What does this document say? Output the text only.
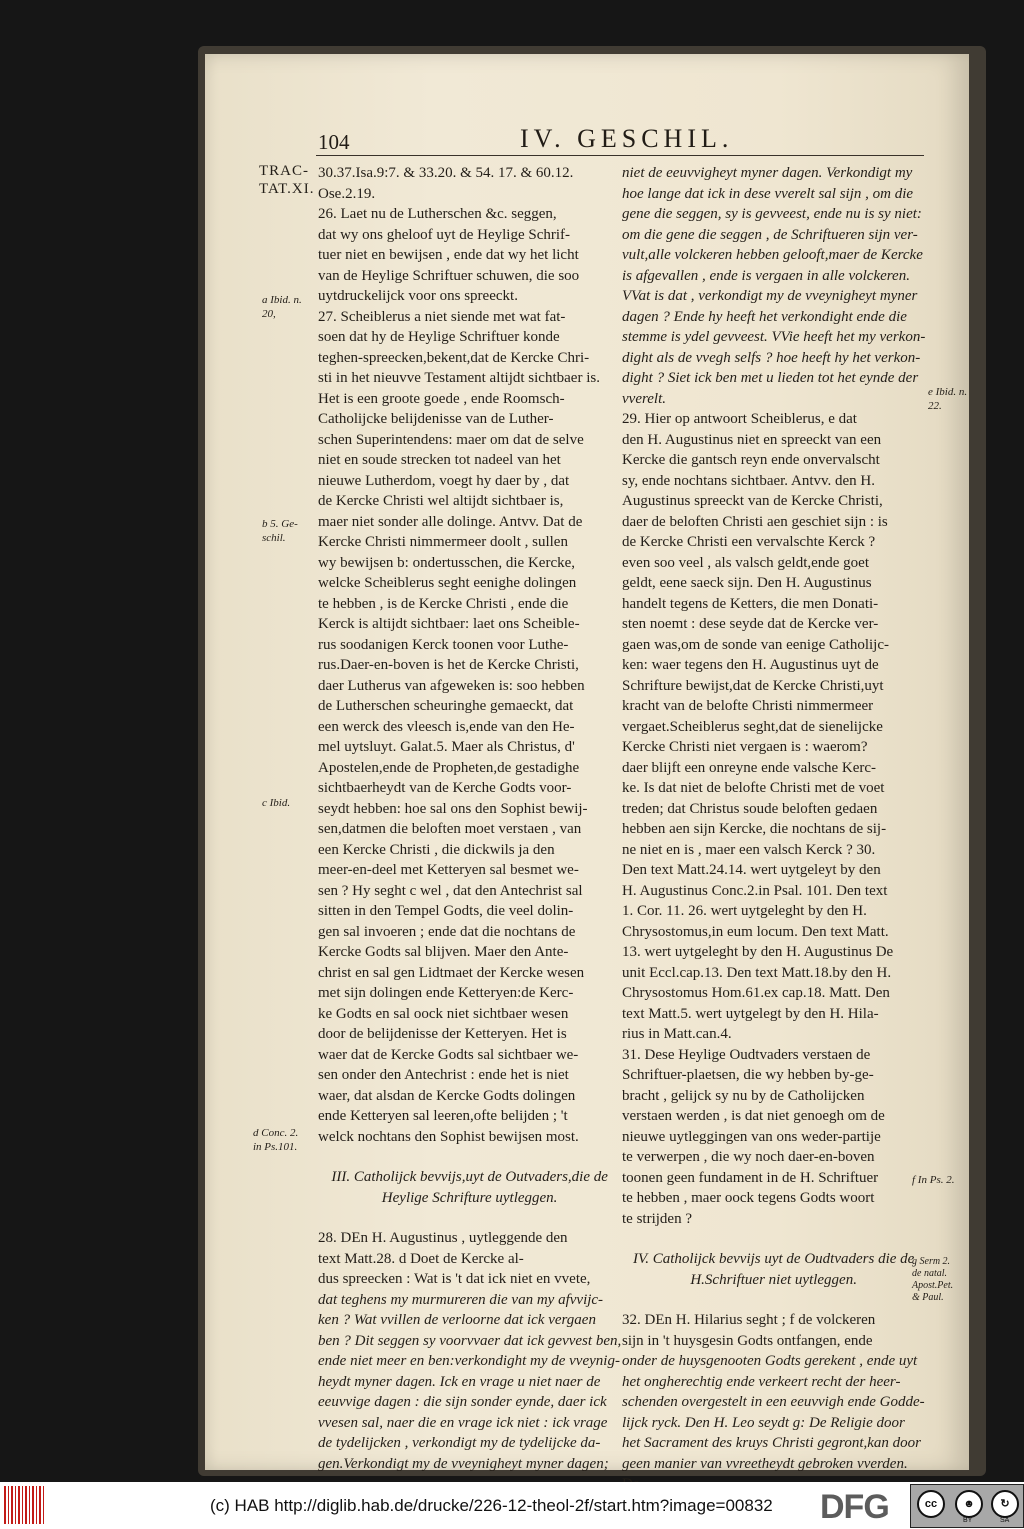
104	IV. GESCHIL.
TRAC-
TAT.XI.

30.37.Isa.9:7. & 33.20. & 54. 17. & 60.12.

Ose.2.19.

26. Laet nu de Lutherschen &c. seggen,

dat wy ons gheloof uyt de Heylige Schrif-

tuer niet en bewijsen , ende dat wy het licht

van de Heylige Schriftuer schuwen, die soo

uytdruckelijck voor ons spreeckt.

27. Scheiblerus a niet siende met wat fat-

soen dat hy de Heylige Schriftuer konde

teghen-spreecken,bekent,dat de Kercke Chri-

sti in het nieuvve Testament altijdt sichtbaer is.

Het is een groote goede , ende Roomsch-

Catholijcke belijdenisse van de Luther-

schen Superintendens: maer om dat de selve

niet en soude strecken tot nadeel van het

nieuwe Lutherdom, voegt hy daer by , dat

de Kercke Christi wel altijdt sichtbaer is,

maer niet sonder alle dolinge. Antvv. Dat de

Kercke Christi nimmermeer doolt , sullen

wy bewijsen b: ondertusschen, die Kercke,

welcke Scheiblerus seght eenighe dolingen

te hebben , is de Kercke Christi , ende die

Kerck is altijdt sichtbaer: laet ons Scheible-

rus soodanigen Kerck toonen voor Luthe-

rus.Daer-en-boven is het de Kercke Christi,

daer Lutherus van afgeweken is: soo hebben

de Lutherschen scheuringhe gemaeckt, dat

een werck des vleesch is,ende van den He-

mel uytsluyt. Galat.5. Maer als Christus, d'

Apostelen,ende de Propheten,de gestadighe

sichtbaerheydt van de Kerche Godts voor-

seydt hebben: hoe sal ons den Sophist bewij-

sen,datmen die beloften moet verstaen , van

een Kercke Christi , die dickwils ja den

meer-en-deel met Ketteryen sal besmet we-

sen ? Hy seght c wel , dat den Antechrist sal

sitten in den Tempel Godts, die veel dolin-

gen sal invoeren ; ende dat die nochtans de

Kercke Godts sal blijven. Maer den Ante-

christ en sal gen Lidtmaet der Kercke wesen

met sijn dolingen ende Ketteryen:de Kerc-

ke Godts en sal oock niet sichtbaer wesen

door de belijdenisse der Ketteryen. Het is

waer dat de Kercke Godts sal sichtbaer we-

sen onder den Antechrist : ende het is niet

waer, dat alsdan de Kercke Godts dolingen

ende Ketteryen sal leeren,ofte belijden ; 't

welck nochtans den Sophist bewijsen most.

III. Catholijck bevvijs,uyt de Outvaders,die de

Heylige Schrifture uytleggen.

28. DEn H. Augustinus , uytleggende den

text Matt.28. d Doet de Kercke al-

dus spreecken : Wat is 't dat ick niet en vvete,

dat teghens my murmureren die van my afvvijc-

ken ? Wat vvillen de verloorne dat ick vergaen

ben ? Dit seggen sy voorvvaer dat ick gevvest ben,

ende niet meer en ben:verkondight my de vveynig-

heydt myner dagen. Ick en vrage u niet naer de

eeuvvige dagen : die sijn sonder eynde, daer ick

vvesen sal, naer die en vrage ick niet : ick vrage

de tydelijcken , verkondigt my de tydelijcke da-

gen.Verkondigt my de vveynigheyt myner dagen;

niet de eeuvvigheyt myner dagen. Verkondigt my

hoe lange dat ick in dese vverelt sal sijn , om die

gene die seggen, sy is gevveest, ende nu is sy niet:

om die gene die seggen , de Schriftueren sijn ver-

vult,alle volckeren hebben gelooft,maer de Kercke

is afgevallen , ende is vergaen in alle volckeren.

VVat is dat , verkondigt my de vveynigheyt myner

dagen ? Ende hy heeft het verkondight ende die

stemme is ydel gevveest. VVie heeft het my verkon-

dight als de vvegh selfs ? hoe heeft hy het verkon-

dight ? Siet ick ben met u lieden tot het eynde der

vverelt.

29. Hier op antwoort Scheiblerus, e dat

den H. Augustinus niet en spreeckt van een

Kercke die gantsch reyn ende onvervalscht

sy, ende nochtans sichtbaer. Antvv. den H.

Augustinus spreeckt van de Kercke Christi,

daer de beloften Christi aen geschiet sijn : is

de Kercke Christi een vervalschte Kerck ?

even soo veel , als valsch geldt,ende goet

geldt, eene saeck sijn. Den H. Augustinus

handelt tegens de Ketters, die men Donati-

sten noemt : dese seyde dat de Kercke ver-

gaen was,om de sonde van eenige Catholijc-

ken: waer tegens den H. Augustinus uyt de

Schrifture bewijst,dat de Kercke Christi,uyt

kracht van de belofte Christi nimmermeer

vergaet.Scheiblerus seght,dat de sienelijcke

Kercke Christi niet vergaen is : waerom?

daer blijft een onreyne ende valsche Kerc-

ke. Is dat niet de belofte Christi met de voet

treden; dat Christus soude beloften gedaen

hebben aen sijn Kercke, die nochtans de sij-

ne niet en is , maer een valsch Kerck ? 30.

Den text Matt.24.14. wert uytgeleyt by den

H. Augustinus Conc.2.in Psal. 101. Den text

1. Cor. 11. 26. wert uytgeleght by den H.

Chrysostomus,in eum locum. Den text Matt.

13. wert uytgeleght by den H. Augustinus De

unit Eccl.cap.13. Den text Matt.18.by den H.

Chrysostomus Hom.61.ex cap.18. Matt. Den

text Matt.5. wert uytgelegt by den H. Hila-

rius in Matt.can.4.

31. Dese Heylige Oudtvaders verstaen de

Schriftuer-plaetsen, die wy hebben by-ge-

bracht , gelijck sy nu by de Catholijcken

verstaen werden , is dat niet genoegh om de

nieuwe uytleggingen van ons weder-partije

te verwerpen , die wy noch daer-en-boven

toonen geen fundament in de H. Schriftuer

te hebben , maer oock tegens Godts woort

te strijden ?

IV. Catholijck bevvijs uyt de Oudtvaders die de

H.Schriftuer niet uytleggen.

32. DEn H. Hilarius seght ; f de volckeren

sijn in 't huysgesin Godts ontfangen, ende

onder de huysgenooten Godts gerekent , ende uyt

het ongherechtig ende verkeert recht der heer-

schenden overgestelt in een eeuvvigh ende Godde-

lijck ryck. Den H. Leo seydt g: De Religie door

het Sacrament des kruys Christi gegront,kan door

geen manier van vvreetheydt gebroken vverden.

a Ibid. n.
20,
b 5. Ge-
schil.
c Ibid.
d Conc. 2.
in Ps.101.
e Ibid. n.
22.
f In Ps. 2.
g Serm 2.
de natal.
Apost.Pet.
& Paul.
(c) HAB http://diglib.hab.de/drucke/226-12-theol-2f/start.htm?image=00832 DFG	cc	☻	↻
BY	SA
